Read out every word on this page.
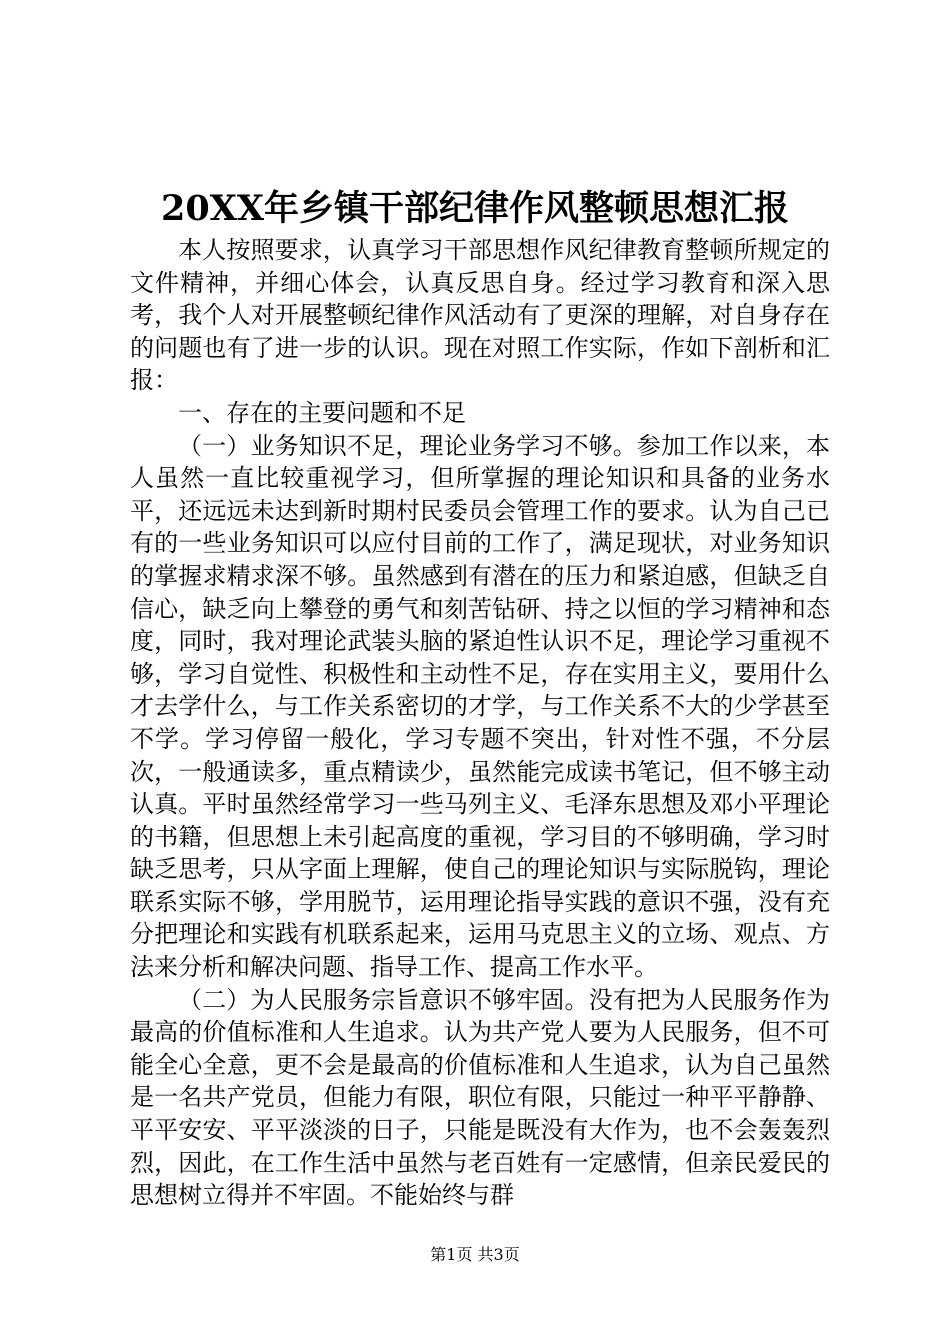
20XX年乡镇干部纪律作风整顿思想汇报

本人按照要求，认真学习干部思想作风纪律教育整顿所规定的文件精神，并细心体会，认真反思自身。经过学习教育和深入思考，我个人对开展整顿纪律作风活动有了更深的理解，对自身存在的问题也有了进一步的认识。现在对照工作实际，作如下剖析和汇报：

一、存在的主要问题和不足

（一）业务知识不足，理论业务学习不够。参加工作以来，本人虽然一直比较重视学习，但所掌握的理论知识和具备的业务水平，还远远未达到新时期村民委员会管理工作的要求。认为自己已有的一些业务知识可以应付目前的工作了，满足现状，对业务知识的掌握求精求深不够。虽然感到有潜在的压力和紧迫感，但缺乏自信心，缺乏向上攀登的勇气和刻苦钻研、持之以恒的学习精神和态度，同时，我对理论武装头脑的紧迫性认识不足，理论学习重视不够，学习自觉性、积极性和主动性不足，存在实用主义，要用什么才去学什么，与工作关系密切的才学，与工作关系不大的少学甚至不学。学习停留一般化，学习专题不突出，针对性不强，不分层次，一般通读多，重点精读少，虽然能完成读书笔记，但不够主动认真。平时虽然经常学习一些马列主义、毛泽东思想及邓小平理论的书籍，但思想上未引起高度的重视，学习目的不够明确，学习时缺乏思考，只从字面上理解，使自己的理论知识与实际脱钩，理论联系实际不够，学用脱节，运用理论指导实践的意识不强，没有充分把理论和实践有机联系起来，运用马克思主义的立场、观点、方法来分析和解决问题、指导工作、提高工作水平。

（二）为人民服务宗旨意识不够牢固。没有把为人民服务作为最高的价值标准和人生追求。认为共产党人要为人民服务，但不可能全心全意，更不会是最高的价值标准和人生追求，认为自己虽然是一名共产党员，但能力有限，职位有限，只能过一种平平静静、平平安安、平平淡淡的日子，只能是既没有大作为，也不会轰轰烈烈，因此，在工作生活中虽然与老百姓有一定感情，但亲民爱民的思想树立得并不牢固。不能始终与群

第1页 共3页
